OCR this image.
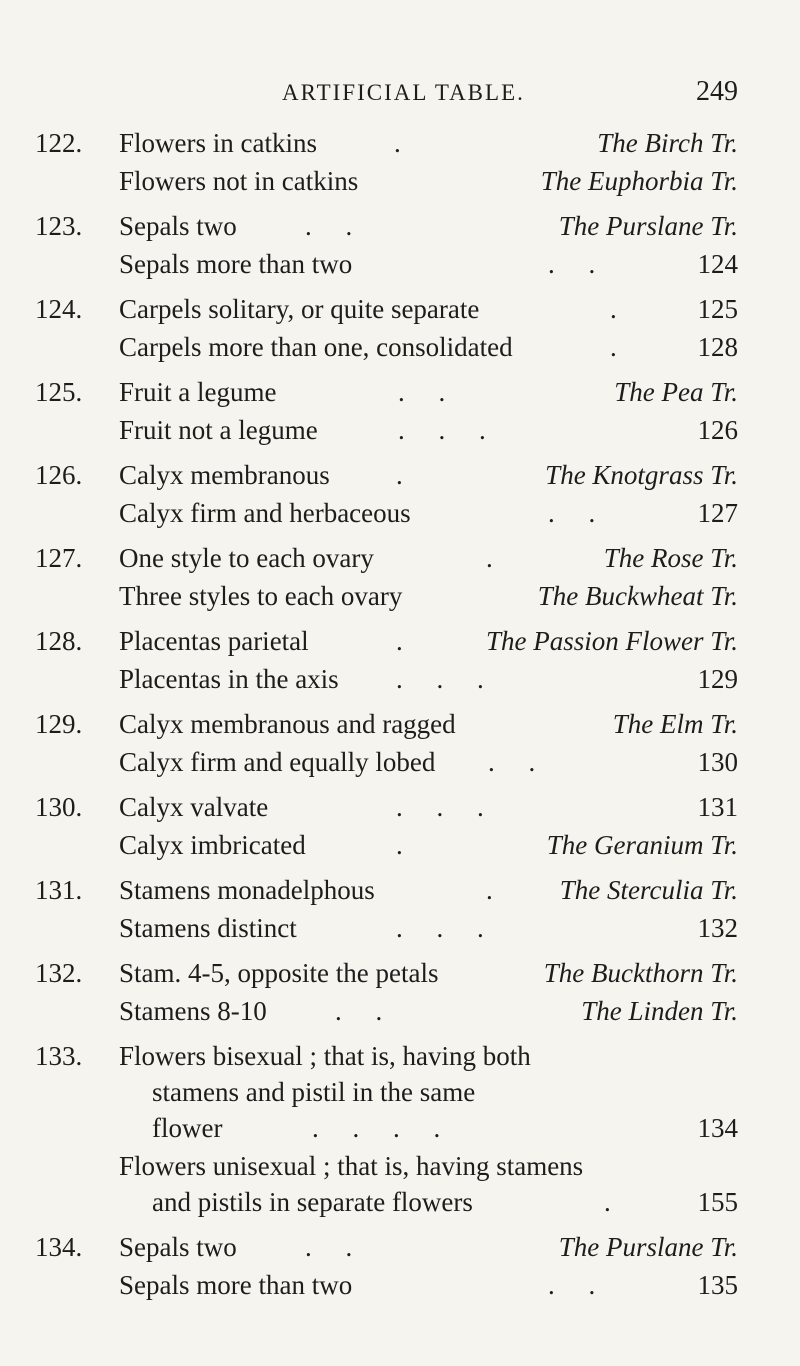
ARTIFICIAL TABLE.	249
122. Flowers in catkins	.	The Birch Tr.
Flowers not in catkins	The Euphorbia Tr.
123. Sepals two	.     .	The Purslane Tr.
Sepals more than two	.     .	124
124. Carpels solitary, or quite separate	.	125
Carpels more than one, consolidated	.	128
125. Fruit a legume	.     .	The Pea Tr.
Fruit not a legume	.     .     .	126
126. Calyx membranous .	The Knotgrass Tr.
Calyx firm and herbaceous	.     .	127
127. One style to each ovary	.	The Rose Tr.
Three styles to each ovary	The Buckwheat Tr.
128. Placentas parietal	.	The Passion Flower Tr.
Placentas in the axis .     .     .	129
129. Calyx membranous and ragged	The Elm Tr.
Calyx firm and equally lobed .     .	130
130. Calyx valvate	.     .     .	131
Calyx imbricated	.	The Geranium Tr.
131. Stamens monadelphous	. The Sterculia Tr.
Stamens distinct	.     .     .	132
132. Stam. 4-5, opposite the petals	The Buckthorn Tr.
Stamens 8-10	.     .	The Linden Tr.
133. Flowers bisexual ; that is, having both
stamens and pistil in the same
flower	.     .     .     .	134
Flowers unisexual ; that is, having stamens
and pistils in separate flowers	.	155
134. Sepals two	.     .	The Purslane Tr.
Sepals more than two	.     .	135
